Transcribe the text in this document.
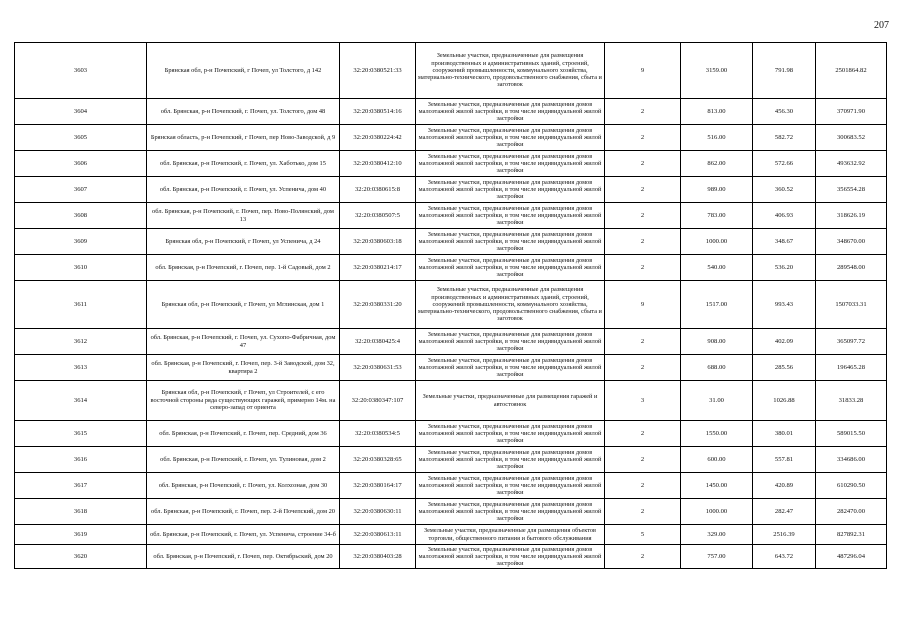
207
3603	Брянская обл, р-н Почепский, г Почеп, ул Толстого, д 142	32:20:0380521:33	Земельные участки, предназначенные для размещения производственных и административных зданий, строений, сооружений промышленности, коммунального хозяйства, материально-технического, продовольственного снабжения, сбыта и заготовок	9	3159.00	791.98	2501864.82
3604	обл. Брянская, р-н Почепский, г. Почеп, ул. Толстого, дом 48	32:20:0380514:16	Земельные участки, предназначенные для размещения домов малоэтажной жилой застройки, в том числе индивидуальной жилой застройки	2	813.00	456.30	370971.90
3605	Брянская область, р-н Почепский, г Почеп, пер Ново-Заводской, д 9	32:20:0380224:42	Земельные участки, предназначенные для размещения домов малоэтажной жилой застройки, в том числе индивидуальной жилой застройки	2	516.00	582.72	300683.52
3606	обл. Брянская, р-н Почепский, г. Почеп, ул. Хаботько, дом 15	32:20:0380412:10	Земельные участки, предназначенные для размещения домов малоэтажной жилой застройки, в том числе индивидуальной жилой застройки	2	862.00	572.66	493632.92
3607	обл. Брянская, р-н Почепский, г. Почеп, ул. Успенича, дом 40	32:20:0380615:8	Земельные участки, предназначенные для размещения домов малоэтажной жилой застройки, в том числе индивидуальной жилой застройки	2	989.00	360.52	356554.28
3608	обл. Брянская, р-н Почепский, г. Почеп, пер. Ново-Полянский, дом 13	32:20:0380507:5	Земельные участки, предназначенные для размещения домов малоэтажной жилой застройки, в том числе индивидуальной жилой застройки	2	783.00	406.93	318626.19
3609	Брянская обл, р-н Почепский, г Почеп, ул Успенича, д 24	32:20:0380603:18	Земельные участки, предназначенные для размещения домов малоэтажной жилой застройки, в том числе индивидуальной жилой застройки	2	1000.00	348.67	348670.00
3610	обл. Брянская, р-н Почепский, г. Почеп, пер. 1-й Садовый, дом 2	32:20:0380214:17	Земельные участки, предназначенные для размещения домов малоэтажной жилой застройки, в том числе индивидуальной жилой застройки	2	540.00	536.20	289548.00
3611	Брянская обл, р-н Почепский, г Почеп, ул Мглинская, дом 1	32:20:0380331:20	Земельные участки, предназначенные для размещения производственных и административных зданий, строений, сооружений промышленности, коммунального хозяйства, материально-технического, продовольственного снабжения, сбыта и заготовок	9	1517.00	993.43	1507033.31
3612	обл. Брянская, р-н Почепский, г. Почеп, ул. Сухопо-Фабричная, дом 47	32:20:0380425:4	Земельные участки, предназначенные для размещения домов малоэтажной жилой застройки, в том числе индивидуальной жилой застройки	2	908.00	402.09	365097.72
3613	обл. Брянская, р-н Почепский, г. Почеп, пер. 3-й Заводской, дом 32, квартира 2	32:20:0380631:53	Земельные участки, предназначенные для размещения домов малоэтажной жилой застройки, в том числе индивидуальной жилой застройки	2	688.00	285.56	196465.28
3614	Брянская обл, р-н Почепский, г Почеп, ул Строителей, с его восточной стороны ряда существующих гаражей, примерно 14м. на северо-запад от ориента	32:20:0380347:107	Земельные участки, предназначенные для размещения гаражей и автостоянок	3	31.00	1026.88	31833.28
3615	обл. Брянская, р-н Почепский, г. Почеп, пер. Средний, дом 36	32:20:0380534:5	Земельные участки, предназначенные для размещения домов малоэтажной жилой застройки, в том числе индивидуальной жилой застройки	2	1550.00	380.01	589015.50
3616	обл. Брянская, р-н Почепский, г. Почеп, ул. Тулиновая, дом 2	32:20:0380328:65	Земельные участки, предназначенные для размещения домов малоэтажной жилой застройки, в том числе индивидуальной жилой застройки	2	600.00	557.81	334686.00
3617	обл. Брянская, р-н Почепский, г. Почеп, ул. Колхозная, дом 30	32:20:0380164:17	Земельные участки, предназначенные для размещения домов малоэтажной жилой застройки, в том числе индивидуальной жилой застройки	2	1450.00	420.89	610290.50
3618	обл. Брянская, р-н Почепский, г. Почеп, пер. 2-й Почепский, дом 20	32:20:0380630:11	Земельные участки, предназначенные для размещения домов малоэтажной жилой застройки, в том числе индивидуальной жилой застройки	2	1000.00	282.47	282470.00
3619	обл. Брянская, р-н Почепский, г. Почеп, ул. Успенича, строение 34-б	32:20:0380613:11	Земельные участки, предназначенные для размещения объектов торговли, общественного питания и бытового обслуживания	5	329.00	2516.39	827892.31
3620	обл. Брянская, р-н Почепский, г. Почеп, пер. Октябрьский, дом 20	32:20:0380403:28	Земельные участки, предназначенные для размещения домов малоэтажной жилой застройки, в том числе индивидуальной жилой застройки	2	757.00	643.72	487296.04
